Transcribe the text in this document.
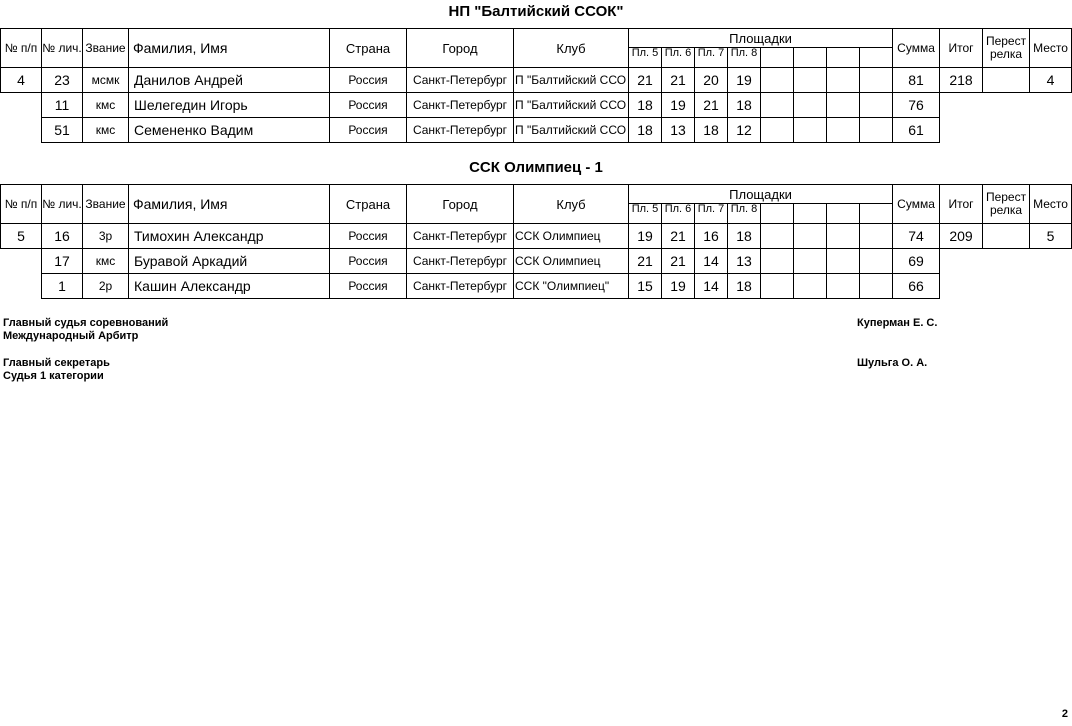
НП "Балтийский ССОК"
№ п/п	№ лич.	Звание	Фамилия, Имя	Страна	Город	Клуб	Площадки								Сумма	Итог	Перест релка	Место
							Пл. 5	Пл. 6	Пл. 7	Пл. 8								
4	23	мсмк	Данилов Андрей	Россия	Санкт-Петербург	П "Балтийский ССО	21	21	20	19					81	218		4
	11	кмс	Шелегедин Игорь	Россия	Санкт-Петербург	П "Балтийский ССО	18	19	21	18					76			
	51	кмс	Семененко Вадим	Россия	Санкт-Петербург	П "Балтийский ССО	18	13	18	12					61			
ССК Олимпиец - 1
№ п/п	№ лич.	Звание	Фамилия, Имя	Страна	Город	Клуб	Площадки								Сумма	Итог	Перест релка	Место
							Пл. 5	Пл. 6	Пл. 7	Пл. 8								
5	16	3р	Тимохин Александр	Россия	Санкт-Петербург	ССК Олимпиец	19	21	16	18					74	209		5
	17	кмс	Буравой Аркадий	Россия	Санкт-Петербург	ССК Олимпиец	21	21	14	13					69			
	1	2р	Кашин Александр	Россия	Санкт-Петербург	ССК "Олимпиец"	15	19	14	18					66			
Главный судья соревнований
Международный Арбитр
Куперман Е. С.
Главный секретарь
Судья 1 категории
Шульга О. А.
2
